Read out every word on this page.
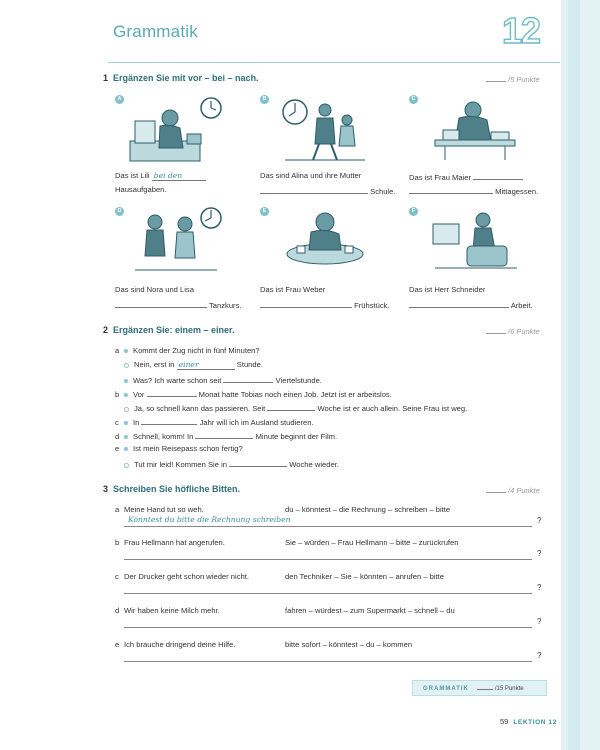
Grammatik	12
1 Ergänzen Sie mit vor – bei – nach.	/5 Punkte
A	B	C
D	E	F
Das ist Lili bei den
Hausaufgaben.
Das sind Alina und ihre Mutter
Schule.
Das ist Frau Maier
Mittagessen.
Das sind Nora und Lisa
Tanzkurs.
Das ist Frau Weber
Frühstück.
Das ist Herr Schneider
Arbeit.
2 Ergänzen Sie: einem – einer.	/6 Punkte
a Kommt der Zug nicht in fünf Minuten?
Nein, erst in einer	Stunde.
Was? Ich warte schon seit	Viertelstunde.
b Vor	Monat hatte Tobias noch einen Job. Jetzt ist er arbeitslos.
Ja, so schnell kann das passieren. Seit	Woche ist er auch allein. Seine Frau ist weg.
c In	Jahr will ich im Ausland studieren.
d Schnell, komm! In	Minute beginnt der Film.
e Ist mein Reisepass schon fertig?
Tut mir leid! Kommen Sie in	Woche wieder.
3 Schreiben Sie höfliche Bitten.	/4 Punkte
a Meine Hand tut so weh.	du – könntest – die Rechnung – schreiben – bitte
Könntest du bitte die Rechnung schreiben	?
b Frau Hellmann hat angerufen.	Sie – würden – Frau Hellmann – bitte – zurückrufen
?
c Der Drucker geht schon wieder nicht.	den Techniker – Sie – könnten – anrufen – bitte
?
d Wir haben keine Milch mehr.	fahren – würdest – zum Supermarkt – schnell – du
?
e Ich brauche dringend deine Hilfe.	bitte sofort – könntest – du – kommen
?
GRAMMATIK	/15 Punkte
59 LEKTION 12
